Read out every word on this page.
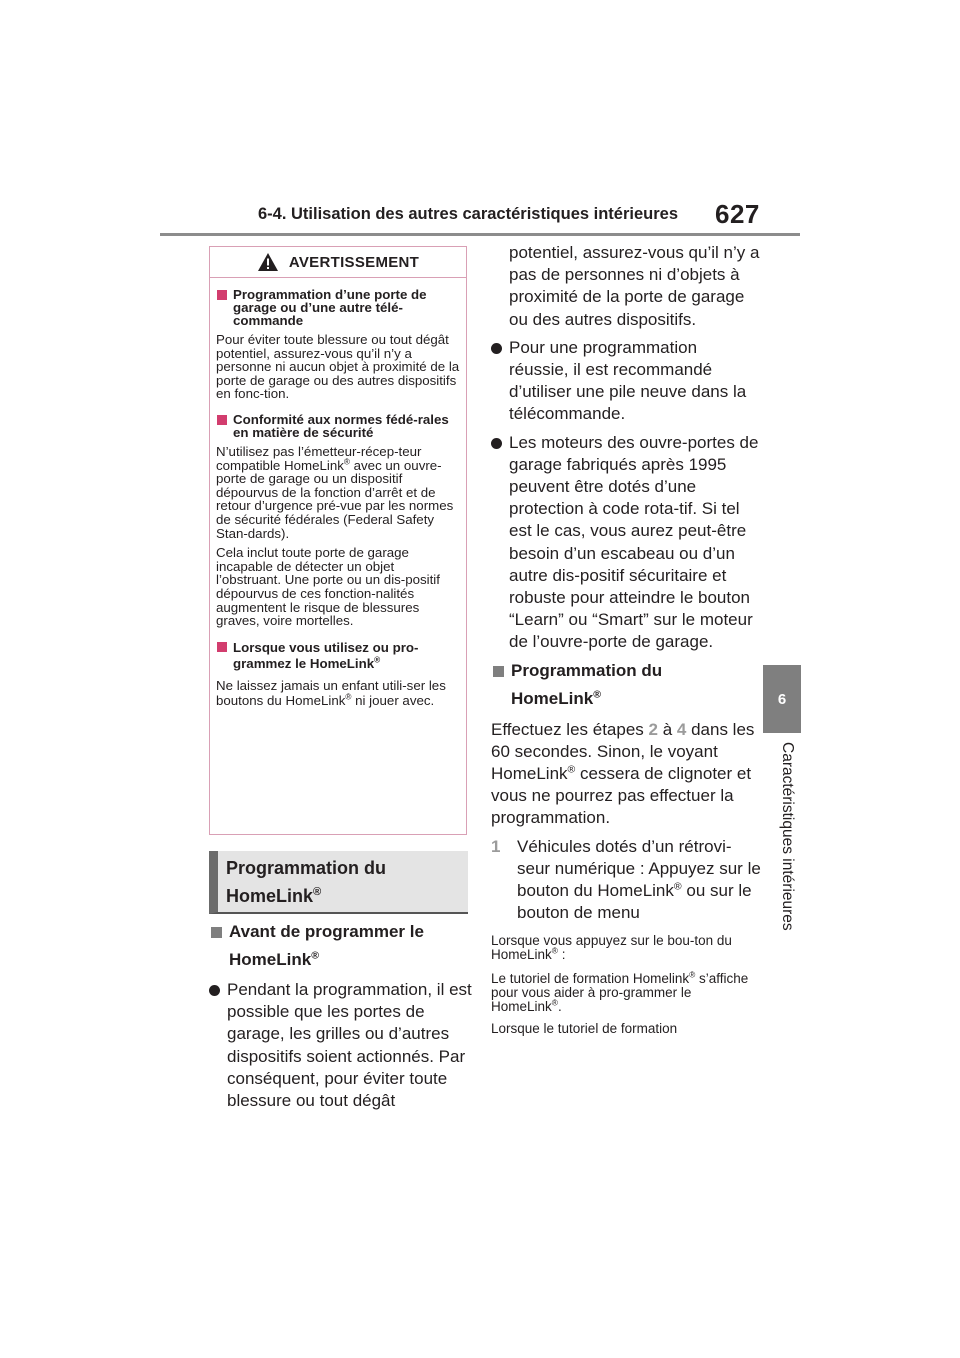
6-4. Utilisation des autres caractéristiques intérieures	627
6
Caractéristiques intérieures
AVERTISSEMENT
Programmation d’une porte de garage ou d’une autre télé-commande
Pour éviter toute blessure ou tout dégât potentiel, assurez-vous qu’il n’y a personne ni aucun objet à proximité de la porte de garage ou des autres dispositifs en fonc-tion.
Conformité aux normes fédé-rales en matière de sécurité
N’utilisez pas l’émetteur-récep-teur compatible HomeLink® avec un ouvre-porte de garage ou un dispositif dépourvus de la fonction d’arrêt et de retour d’urgence pré-vue par les normes de sécurité fédérales (Federal Safety Stan-dards).
Cela inclut toute porte de garage incapable de détecter un objet l’obstruant. Une porte ou un dis-positif dépourvus de ces fonction-nalités augmentent le risque de blessures graves, voire mortelles.
Lorsque vous utilisez ou pro-grammez le HomeLink®
Ne laissez jamais un enfant utili-ser les boutons du HomeLink® ni jouer avec.
Programmation du
HomeLink®
Avant de programmer le
HomeLink®
Pendant la programmation, il est possible que les portes de garage, les grilles ou d’autres dispositifs soient actionnés. Par conséquent, pour éviter toute blessure ou tout dégât
potentiel, assurez-vous qu’il n’y a pas de personnes ni d’objets à proximité de la porte de garage ou des autres dispositifs.
Pour une programmation réussie, il est recommandé d’utiliser une pile neuve dans la télécommande.
Les moteurs des ouvre-portes de garage fabriqués après 1995 peuvent être dotés d’une protection à code rota-tif. Si tel est le cas, vous aurez peut-être besoin d’un escabeau ou d’un autre dis-positif sécuritaire et robuste pour atteindre le bouton “Learn” ou “Smart” sur le moteur de l’ouvre-porte de garage.
Programmation du
HomeLink®
Effectuez les étapes 2 à 4 dans les 60 secondes. Sinon, le voyant HomeLink® cessera de clignoter et vous ne pourrez pas effectuer la programmation.
1 Véhicules dotés d’un rétrovi-seur numérique : Appuyez sur le bouton du HomeLink® ou sur le bouton de menu
Lorsque vous appuyez sur le bou-ton du HomeLink® :
Le tutoriel de formation Homelink® s’affiche pour vous aider à pro-grammer le HomeLink®.
Lorsque le tutoriel de formation
